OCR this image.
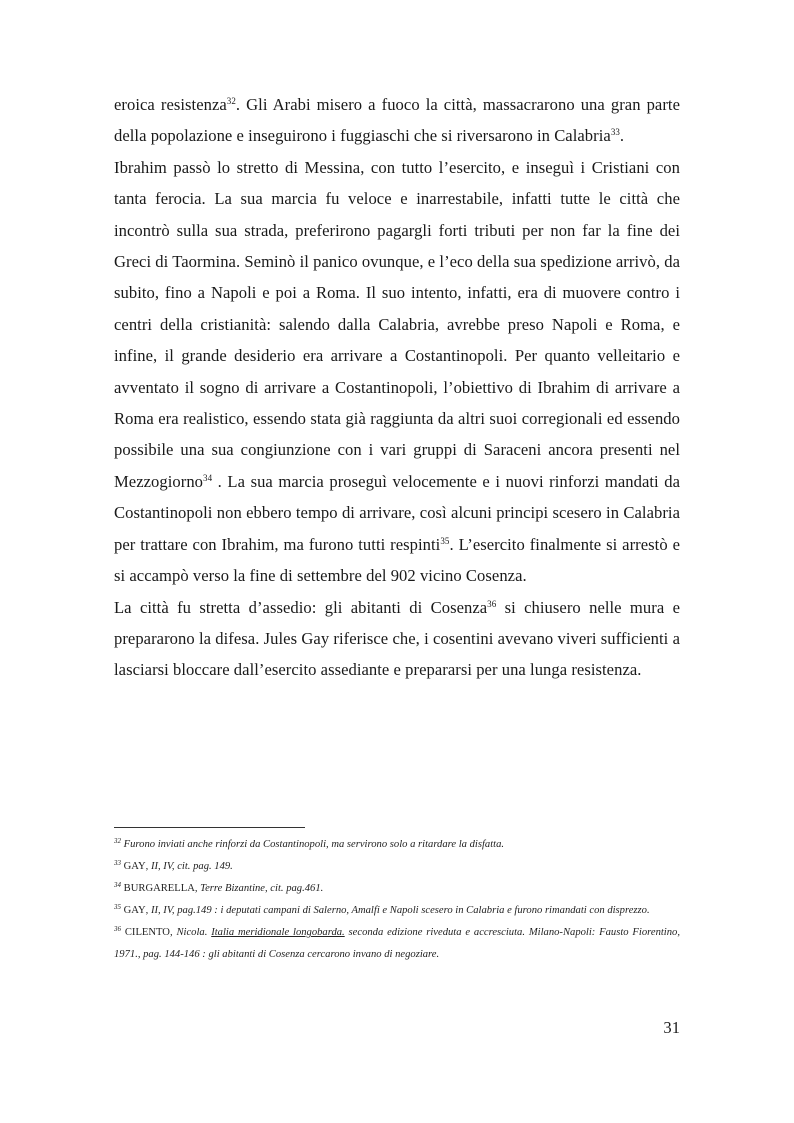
eroica resistenza$^{32}$. Gli Arabi misero a fuoco la città, massacrarono una gran parte della popolazione e inseguirono i fuggiaschi che si riversarono in Calabria$^{33}$.

Ibrahim passò lo stretto di Messina, con tutto l’esercito, e inseguì i Cristiani con tanta ferocia. La sua marcia fu veloce e inarrestabile, infatti tutte le città che incontrò sulla sua strada, preferirono pagargli forti tributi per non far la fine dei Greci di Taormina. Seminò il panico ovunque, e l’eco della sua spedizione arrivò, da subito, fino a Napoli e poi a Roma. Il suo intento, infatti, era di muovere contro i centri della cristianità: salendo dalla Calabria, avrebbe preso Napoli e Roma, e infine, il grande desiderio era arrivare a Costantinopoli. Per quanto velleitario e avventato il sogno di arrivare a Costantinopoli, l’obiettivo di Ibrahim di arrivare a Roma era realistico, essendo stata già raggiunta da altri suoi corregionali ed essendo possibile una sua congiunzione con i vari gruppi di Saraceni ancora presenti nel Mezzogiorno$^{34}$ . La sua marcia proseguì velocemente e i nuovi rinforzi mandati da Costantinopoli non ebbero tempo di arrivare, così alcuni principi scesero in Calabria per trattare con Ibrahim, ma furono tutti respinti$^{35}$. L’esercito finalmente si arrestò e si accampò verso la fine di settembre del 902 vicino Cosenza.

La città fu stretta d’assedio: gli abitanti di Cosenza$^{36}$ si chiusero nelle mura e prepararono la difesa. Jules Gay riferisce che, i cosentini avevano viveri sufficienti a lasciarsi bloccare dall’esercito assediante e prepararsi per una lunga resistenza.

$^{32}$ Furono inviati anche rinforzi da Costantinopoli, ma servirono solo a ritardare la disfatta.

$^{33}$ GAY, II, IV, cit. pag. 149.

$^{34}$ BURGARELLA, Terre Bizantine, cit. pag.461.

$^{35}$ GAY, II, IV, pag.149 : i deputati campani di Salerno, Amalfi e Napoli scesero in Calabria e furono rimandati con disprezzo.

$^{36}$ CILENTO, Nicola. Italia meridionale longobarda. seconda edizione riveduta e accresciuta. Milano-Napoli: Fausto Fiorentino, 1971., pag. 144-146 : gli abitanti di Cosenza cercarono invano di negoziare.

31
